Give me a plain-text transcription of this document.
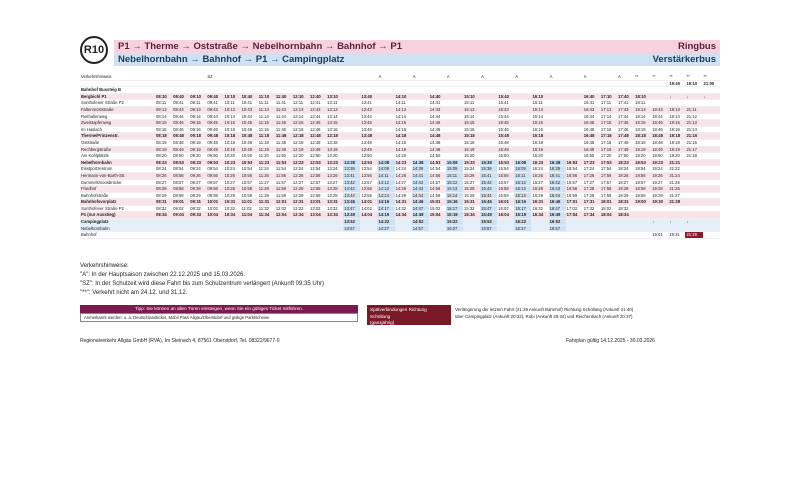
R10	P1 → Therme → Oststraße → Nebelhornbahn → Bahnhof → P1	Ringbus
Nebelhornbahn → Bahnhof → P1 → Campingplatz	Verstärkerbus
Verkehrshinweis				SZ										A		A		A		A		A		A		A		A	**	**	**	**	**
																															19:40	19:10	21:00
Bahnhof Bussteig B																																	
Bergbichl P1	08:10	08:40	09:10	09:40	10:10	10:40	11:10	11:40	12:10	12:40	13:10		13:40		14:10		14:40		15:10		15:40		16:10			16:40	17:10	17:40	18:10		↓	↓	↓
Sonthofener Straße P2	08:11	08:41	09:11	09:41	10:11	10:41	11:11	11:41	12:11	12:41	13:11		13:41		14:11		14:41		15:11		15:41		16:11			16:41	17:11	17:41	18:11				
Faltenmoststraße	08:13	08:43	09:13	09:43	10:13	10:43	11:13	11:43	12:13	12:43	13:13		13:43		14:13		14:43		15:13		15:43		16:13			16:43	17:13	17:43	18:13	18:43	19:13	21:11	
Reithallenweg	08:14	08:44	09:14	09:44	10:14	10:44	11:14	11:44	12:14	12:44	13:14		13:44		14:14		14:44		15:14		15:44		16:14			16:44	17:14	17:44	18:14	18:44	19:14	21:12	
Zweistapfenweg	08:15	08:45	09:15	09:45	10:15	10:45	11:15	11:45	12:15	12:45	13:15		13:45		14:15		14:45		15:15		15:45		16:15			16:45	17:15	17:45	18:15	18:45	19:15	21:13	
Im Haslach	08:16	08:46	09:16	09:46	10:16	10:46	11:16	11:46	12:16	12:46	13:16		13:46		14:16		14:46		15:16		15:46		16:16			16:46	17:16	17:46	18:16	18:46	19:16	21:14	
Therme/Prinzenstr.	08:18	08:48	09:18	09:48	10:18	10:48	11:18	11:48	12:18	12:48	13:18		13:48		14:18		14:48		15:18		15:48		16:18			16:48	17:18	17:48	18:18	18:48	19:18	21:16	
Oststraße	08:18	08:48	09:18	09:48	10:18	10:48	11:18	11:48	12:18	12:48	13:18		13:48		14:18		14:48		15:18		15:48		16:18			16:48	17:18	17:48	18:18	18:48	19:18	21:16	
Rechbergstraße	08:19	08:49	09:19	09:49	10:19	10:49	11:19	11:49	12:19	12:49	13:19		13:49		14:19		14:49		15:19		15:49		16:19			16:49	17:19	17:49	18:19	18:49	19:19	21:17	
Am Kohlplätzle	08:20	08:50	09:20	09:50	10:20	10:50	11:20	11:50	12:20	12:50	13:20		13:50		14:20		14:50		15:20		15:50		16:20			16:50	17:20	17:50	18:20	18:50	19:20	21:18	
Nebelhornbahn	08:23	08:53	09:23	09:53	10:23	10:53	11:23	11:53	12:23	12:53	13:23	13:38	13:53	14:08	14:23	14:38	14:53	15:08	15:23	15:38	15:53	16:08	16:23	16:38	16:53	17:23	17:53	18:23	18:53	19:23	21:21		
Eisstportzentrum	08:24	08:54	09:24	09:54	10:24	10:54	11:24	11:54	12:24	12:54	13:24	13:39	13:54	14:09	14:24	14:39	14:54	15:09	15:24	15:39	15:54	16:09	16:24	16:39	16:54	17:24	17:54	18:24	18:54	19:24	21:22		
Hermann-von-Barth-Str.	08:26	08:56	09:26	09:56	10:26	10:56	11:26	11:56	12:26	12:56	13:26	13:41	13:56	14:11	14:26	14:41	14:56	15:11	15:26	15:41	15:56	16:11	16:26	16:41	16:56	17:26	17:56	18:26	18:56	19:26	21:24		
Dummelsmoosbrücke	08:27	08:57	09:27	09:57	10:27	10:57	11:27	11:57	12:27	12:57	13:27	13:42	13:57	14:12	14:27	14:42	14:57	15:12	15:27	15:42	15:57	16:12	16:27	16:42	16:57	17:27	17:57	18:27	18:57	19:27	21:25		
Friedhof	08:28	08:58	09:28	09:58	10:28	10:58	11:28	11:58	12:28	12:58	13:28	13:43	13:58	14:13	14:28	14:43	14:58	15:13	15:28	15:43	15:58	16:13	16:28	16:43	16:58	17:28	17:58	18:28	18:58	19:28	21:26		
Bahnhofstraße	08:29	08:59	09:29	09:59	10:29	10:59	11:29	11:59	12:29	12:59	13:29	13:44	13:59	14:14	14:29	14:44	14:59	15:14	15:29	15:44	15:59	16:14	16:29	16:44	16:59	17:29	17:59	18:29	18:59	19:29	21:27		
Bahnhofsvorplatz	08:31	09:01	09:31	10:01	10:31	11:01	11:31	12:01	12:31	13:01	13:31	13:46	14:01	14:16	14:31	14:46	15:01	15:16	15:31	15:46	16:01	16:16	16:31	16:46	17:01	17:31	18:01	18:31	19:00	19:30	21:28		
Sonthofener Straße P2	08:32	09:02	09:32	10:02	10:32	11:02	11:32	12:02	12:32	13:02	13:32	13:47	14:02	14:17	14:32	14:47	15:02	15:17	15:32	15:47	16:02	16:17	16:32	16:47	17:02	17:32	18:02	18:32					
P1 (nur Ausstieg)	08:34	09:04	09:33	10:04	10:34	11:04	11:34	12:04	12:34	13:04	13:34	13:49	14:04	14:19	14:34	14:49	15:04	15:19	15:34	15:49	16:04	16:19	16:34	16:49	17:04	17:34	18:04	18:34					
Campingplatz												13:52		14:22		14:52		15:22		15:52		16:22		16:52						↓	↓	↓	
Nebelhornbahn												13:57		14:27		14:57		15:27		15:57		16:27		16:57									
Bahnhof																														19:01	19:31	21:29	
Verkehrshinweise:
"A": In der Hauptsaison zwischen 22.12.2025 und 15.03.2026.
"SZ": In der Schulzeit wird diese Fahrt bis zum Schulzentrum verlängert (Ankunft 09:35 Uhr)
"**": Verkehrt nicht am 24.12. und 31.12.
Tipp: Sie können an allen Türen einsteigen, wenn Sie ein gültiges Ticket mitführen.
Anmerkannt werden: u. a. Deutschlandticket, Mobil Pass Allgäu/Oberstdorf und gültige Parktscheine
Spätverbindungen Richtung Schöllang
(ganzjährig)
Verlängerung der letzten Fahrt (21:29 Ankunft Bahnhof) Richtung Schöllang (Ankunft 21:40)
über Campingplatz (Ankunft 20:32), Rubi (Ankunft 20:34) und Reichenbach (Ankunft 20:37)
Regionalverkehr Allgäu GmbH (RVA), Im Steinach 4, 87561 Oberstdorf, Tel. 08322/9677-0	Fahrplan gültig 14.12.2025 - 30.03.2026
